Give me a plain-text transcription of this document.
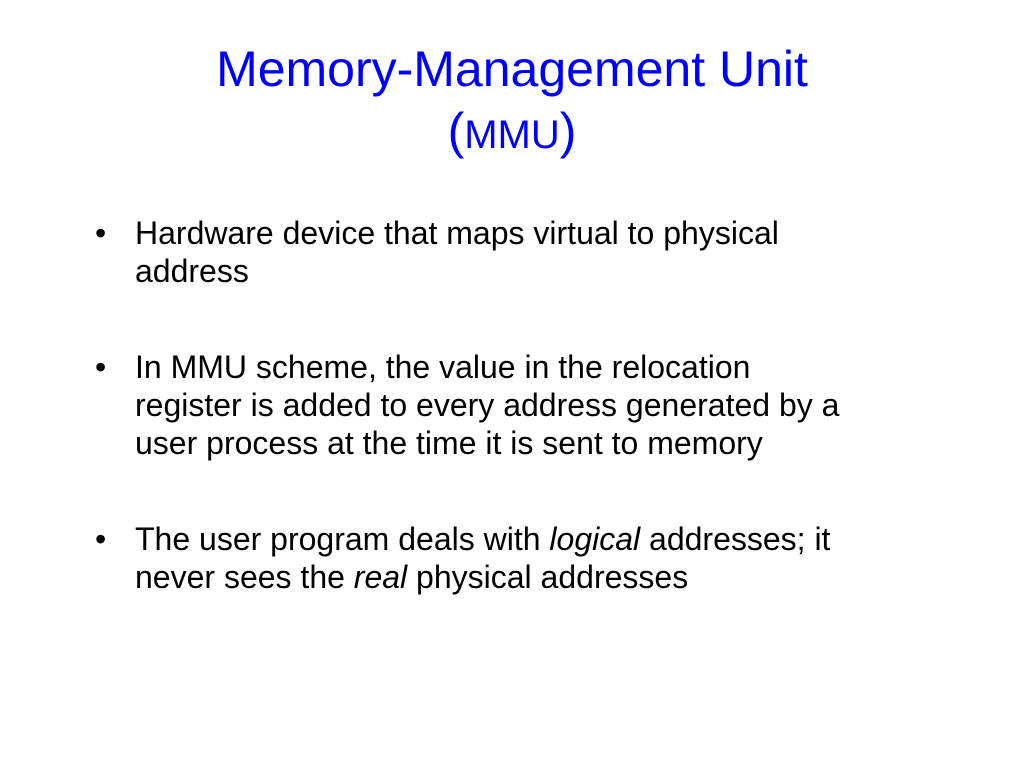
Memory-Management Unit
(MMU)
• Hardware device that maps virtual to physical address
• In MMU scheme, the value in the relocation register is added to every address generated by a user process at the time it is sent to memory
• The user program deals with logical addresses; it never sees the real physical addresses
